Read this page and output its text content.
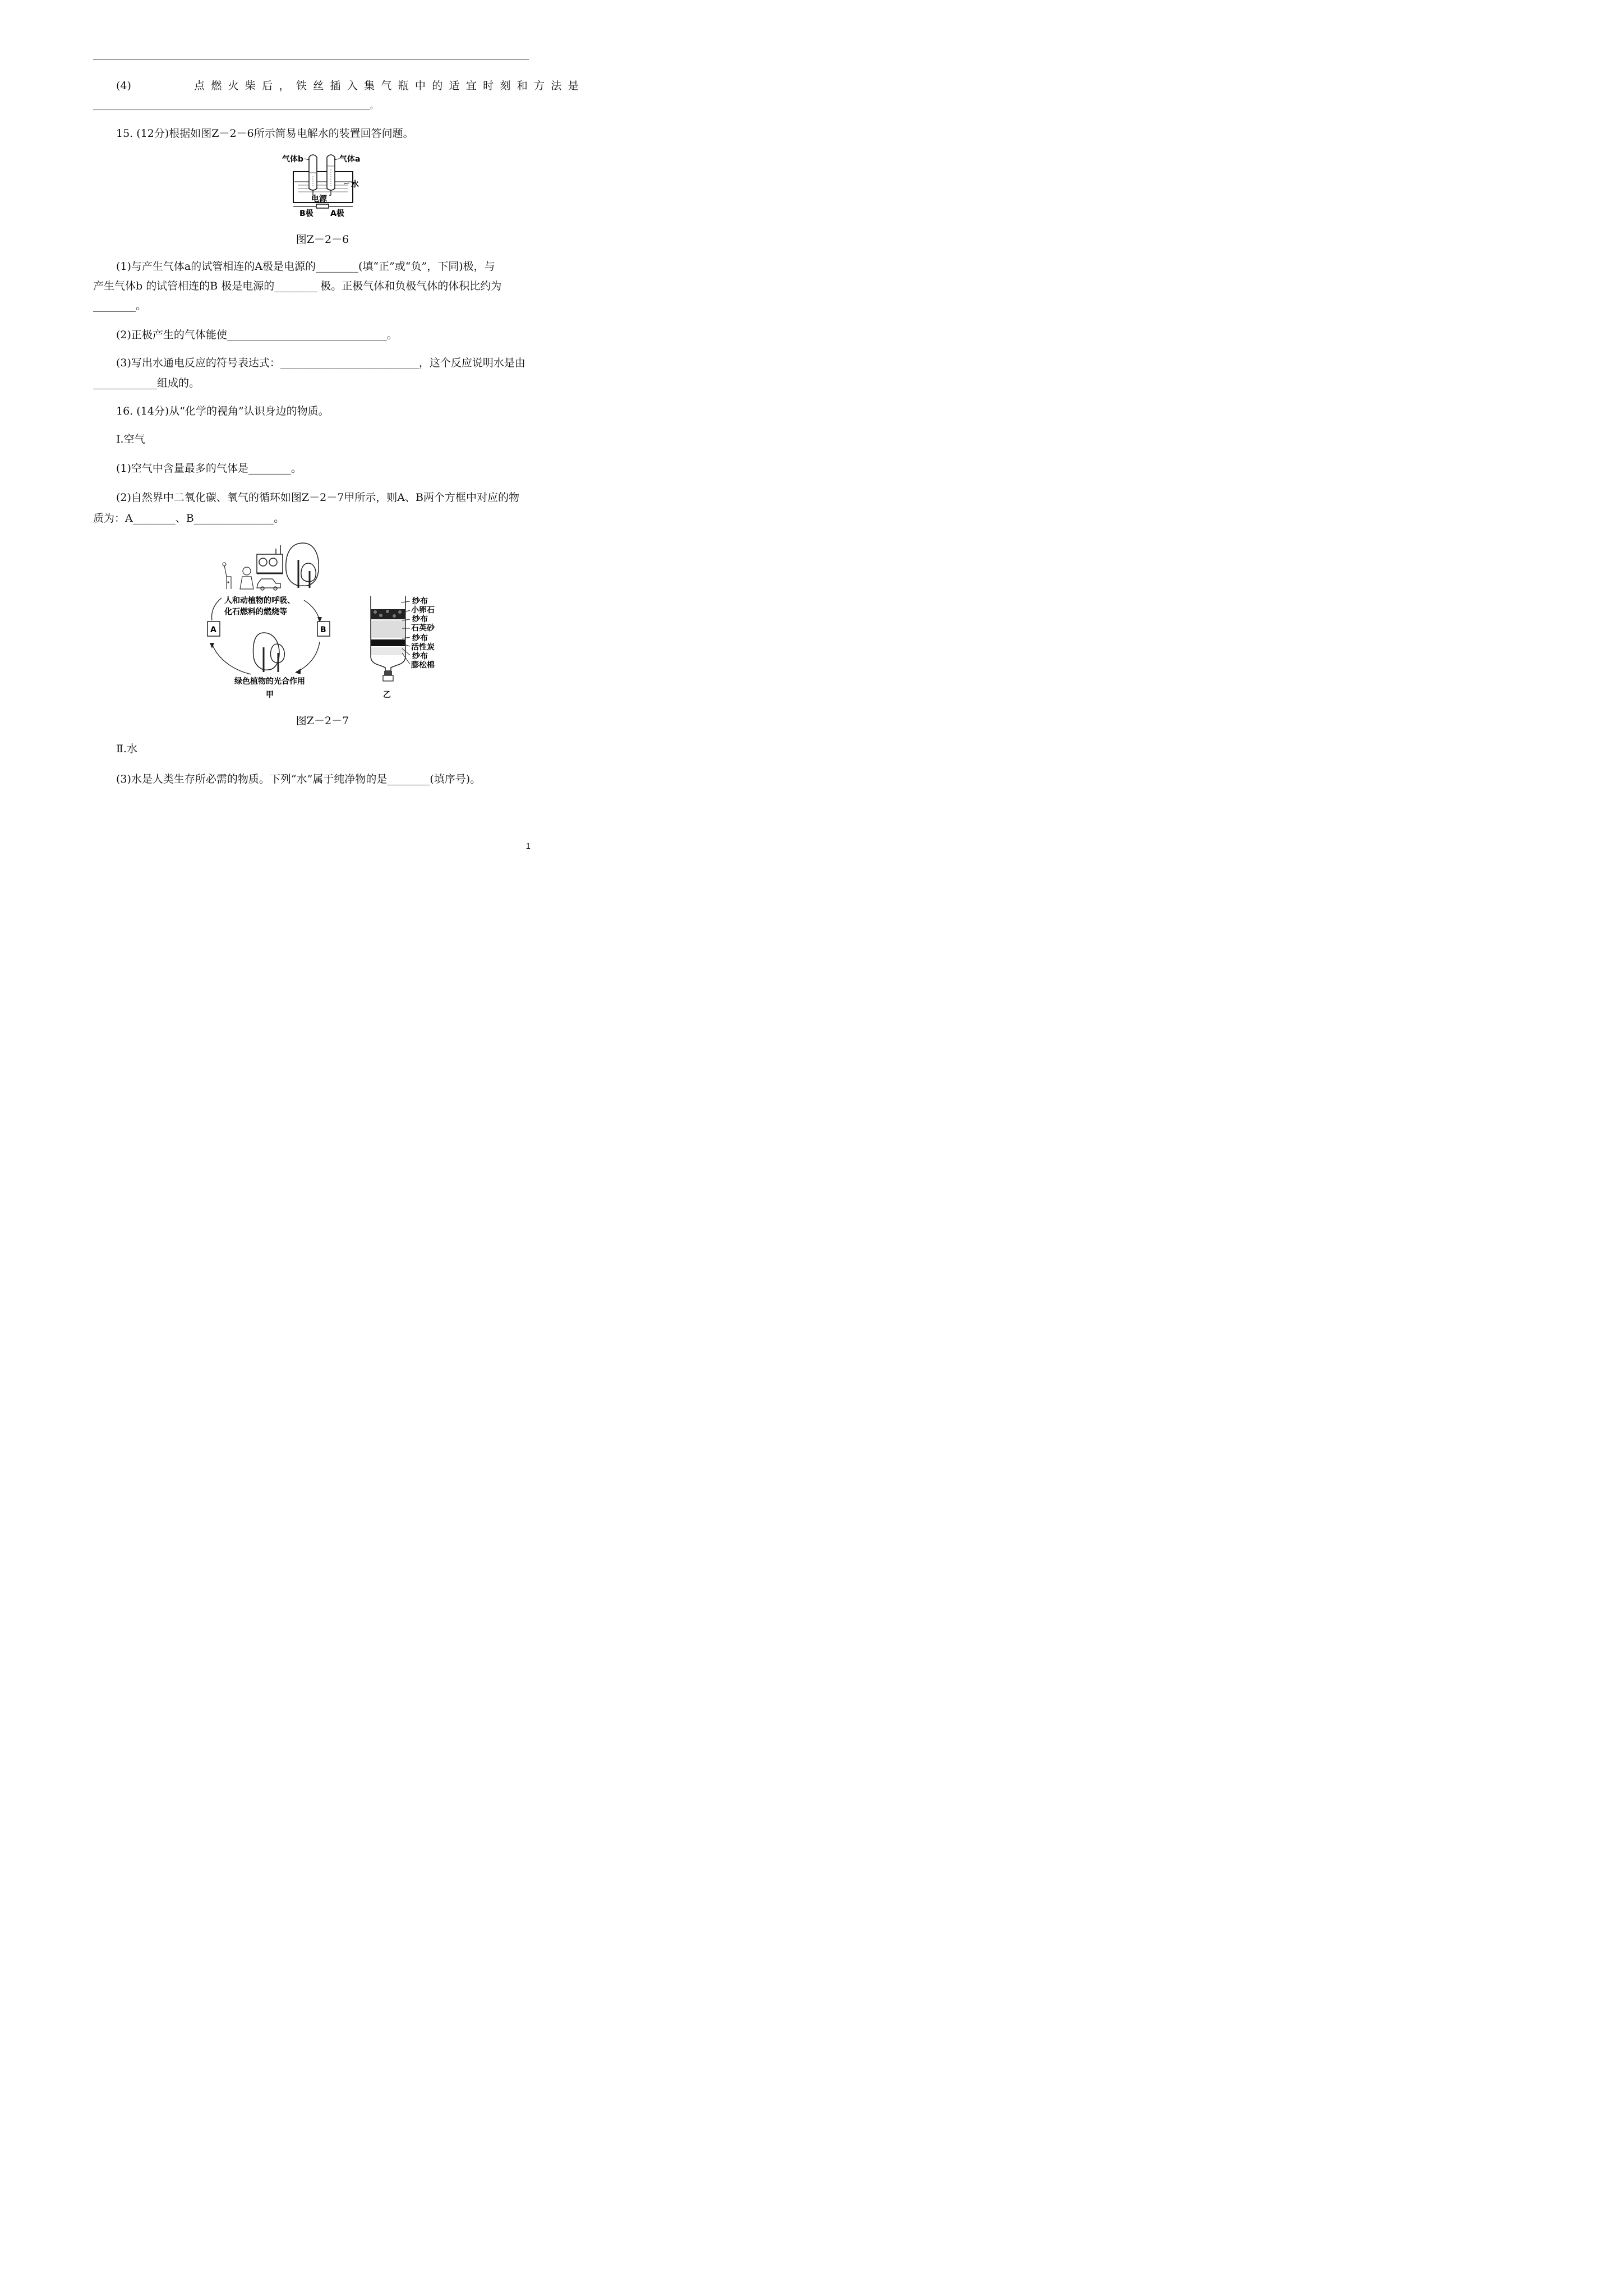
(4)	点燃火柴后，铁丝插入集气瓶中的适宜时刻和方法是
____________________________________________________________________________。
15. (12分)根据如图Z－2－6所示简易电解水的装置回答问题。
气体b	气体a
水
电源
B极 A极
图Z－2－6
(1)与产生气体a的试管相连的A极是电源的________(填“正”或“负”，下同)极，与
产生气体b 的试管相连的B 极是电源的________ 极。正极气体和负极气体的体积比约为
________。
(2)正极产生的气体能使______________________________。
(3)写出水通电反应的符号表达式：__________________________，这个反应说明水是由
____________组成的。
16. (14分)从“化学的视角”认识身边的物质。
Ⅰ.空气
(1)空气中含量最多的气体是________。
(2)自然界中二氧化碳、氧气的循环如图Z－2－7甲所示，则A、B两个方框中对应的物
质为：A________、B_______________。
人和动植物的呼吸、
化石燃料的燃烧等
A	B
绿色植物的光合作用
甲
纱布
小卵石
纱布
石英砂
纱布
活性炭
纱布
膨松棉
乙
图Z－2－7
Ⅱ.水
(3)水是人类生存所必需的物质。下列“水”属于纯净物的是________(填序号)。
1
